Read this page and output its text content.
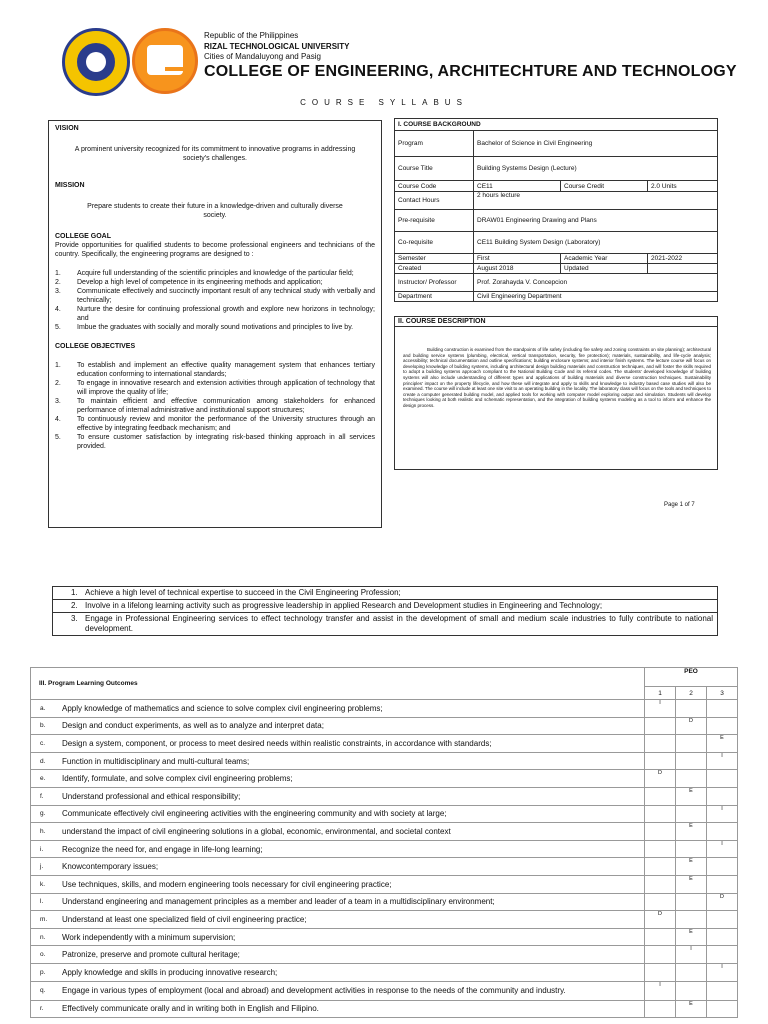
Republic of the Philippines
RIZAL TECHNOLOGICAL UNIVERSITY
Cities of Mandaluyong and Pasig
COLLEGE OF ENGINEERING, ARCHITECHTURE AND TECHNOLOGY
COURSE SYLLABUS
VISION
A prominent university recognized for its commitment to innovative programs in addressing society's challenges.
MISSION
Prepare students to create their future in a knowledge-driven and culturally diverse society.
COLLEGE GOAL
Provide opportunities for qualified students to become professional engineers and technicians of the country. Specifically, the engineering programs are designed to :
1. Acquire full understanding of the scientific principles and knowledge of the particular field;
2. Develop a high level of competence in its engineering methods and application;
3. Communicate effectively and succinctly important result of any technical study with verbally and technically;
4. Nurture the desire for continuing professional growth and explore new horizons in technology; and
5. Imbue the graduates with socially and morally sound motivations and principles to live by.
COLLEGE OBJECTIVES
1. To establish and implement an effective quality management system that enhances tertiary education conforming to international standards;
2. To engage in innovative research and extension activities through application of technology that will improve the quality of life;
3. To maintain efficient and effective communication among stakeholders for enhanced performance of internal administrative and institutional support structures;
4. To continuously review and monitor the performance of the University structures through an effective by integrating feedback mechanism; and
5. To ensure customer satisfaction by integrating risk-based thinking approach in all services provided.
I. COURSE BACKGROUND			
Program	Bachelor of Science in Civil Engineering		
Course Title	Building Systems Design (Lecture)		
Course Code	CE11	Course Credit	2.0 Units
Contact Hours	2 hours lecture		
Pre-requisite	DRAW01 Engineering Drawing and Plans		
Co-requisite	CE11 Building System Design (Laboratory)		
Semester	First	Academic Year	2021-2022
Created	August 2018	Updated	
Instructor/ Professor	Prof. Zorahayda V. Concepcion		
Department	Civil Engineering Department		
II. COURSE DESCRIPTION
Building construction is examined from the standpoints of life safety (including fire safety and zoning constraints on site planning); architectural and building service systems (plumbing, electrical, vertical transportation, security, fire protection); materials, sustainability, and life-cycle analysis; accessibility; technical documentation and outline specifications; building enclosure systems; and interior finish systems. The lecture course will focus on developing knowledge of building systems, including architectural design building materials and construction techniques, and will foster the skills required to adopt a building systems approach compliant to the National Building Code and its referral codes. The students' developed knowledge of building systems will also include understanding of different types and applications of building materials and diverse construction techniques. Sustainability principles' impact on the property lifecycle, and how these will integrate and apply to skills and knowledge to industry based case studies will also be examined. The course will include at least one site visit to an operating building in the locality. The laboratory class will focus on the tools and techniques to create a computer generated building model, and applied tools for working with computer model exploring output and simulation. Students will develop techniques looking at both realistic and schematic representation, and the integration of building systems modeling as a tool to inform and enhance the design process.
Page 1 of 7
1. Achieve a high level of technical expertise to succeed in the Civil Engineering Profession;

2. Involve in a lifelong learning activity such as progressive leadership in applied Research and Development studies in Engineering and Technology;

3. Engage in Professional Engineering services to effect technology transfer and assist in the development of small and medium scale industries to fully contribute to national development.
III. Program Learning Outcomes	PEO		
	1	2	3

a. Apply knowledge of mathematics and science to solve complex civil engineering problems;	I		

b. Design and conduct experiments, as well as to analyze and interpret data;		D	

c. Design a system, component, or process to meet desired needs within realistic constraints, in accordance with standards;			E

d. Function in multidisciplinary and multi-cultural teams;			I

e. Identify, formulate, and solve complex civil engineering problems;	D		

f. Understand professional and ethical responsibility;		E	

g. Communicate effectively civil engineering activities with the engineering community and with society at large;			I

h. understand the impact of civil engineering solutions in a global, economic, environmental, and societal context		E	

i. Recognize the need for, and engage in life-long learning;			I

j. Knowcontemporary issues;		E	

k. Use techniques, skills, and modern engineering tools necessary for civil engineering practice;		E	

l. Understand engineering and management principles as a member and leader of a team in a multidisciplinary environment;			D

m. Understand at least one specialized field of civil engineering practice;	D		

n. Work independently with a minimum supervision;		E	

o. Patronize, preserve and promote cultural heritage;		I	

p. Apply knowledge and skills in producing innovative research;			I

q. Engage in various types of employment (local and abroad) and development activities in response to the needs of the community and industry.	I		

r. Effectively communicate orally and in writing both in English and Filipino.		E	
